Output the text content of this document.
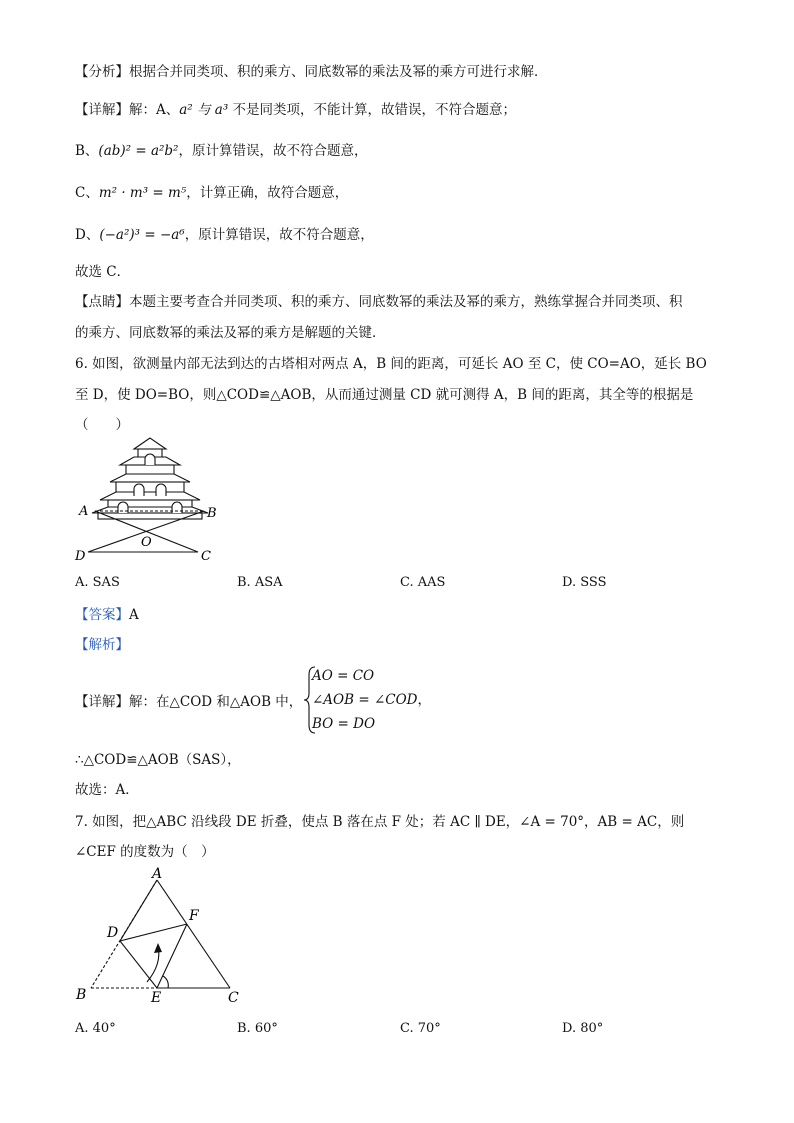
【分析】根据合并同类项、积的乘方、同底数幂的乘法及幂的乘方可进行求解．
【详解】解：A、a² 与 a³ 不是同类项，不能计算，故错误，不符合题意；
B、(ab)² = a²b²，原计算错误，故不符合题意，
C、m² · m³ = m⁵，计算正确，故符合题意，
D、(−a²)³ = −a⁶，原计算错误，故不符合题意，
故选 C．
【点睛】本题主要考查合并同类项、积的乘方、同底数幂的乘法及幂的乘方，熟练掌握合并同类项、积
的乘方、同底数幂的乘法及幂的乘方是解题的关键．
6. 如图，欲测量内部无法到达的古塔相对两点 A，B 间的距离，可延长 AO 至 C，使 CO=AO，延长 BO
至 D，使 DO=BO，则△COD≌△AOB，从而通过测量 CD 就可测得 A，B 间的距离，其全等的根据是
（　　）
A	B
O
D	C
A. SAS	B. ASA	C. AAS	D. SSS
【答案】A
【解析】
【详解】解：在△COD 和△AOB 中，
AO = CO
∠AOB = ∠COD，
BO = DO
∴△COD≌△AOB（SAS），
故选：A．
7. 如图，把△ABC 沿线段 DE 折叠，使点 B 落在点 F 处；若 AC ∥ DE，∠A = 70°，AB = AC，则
∠CEF 的度数为（　）
A
D
F
B	E	C
A. 40°	B. 60°	C. 70°	D. 80°
